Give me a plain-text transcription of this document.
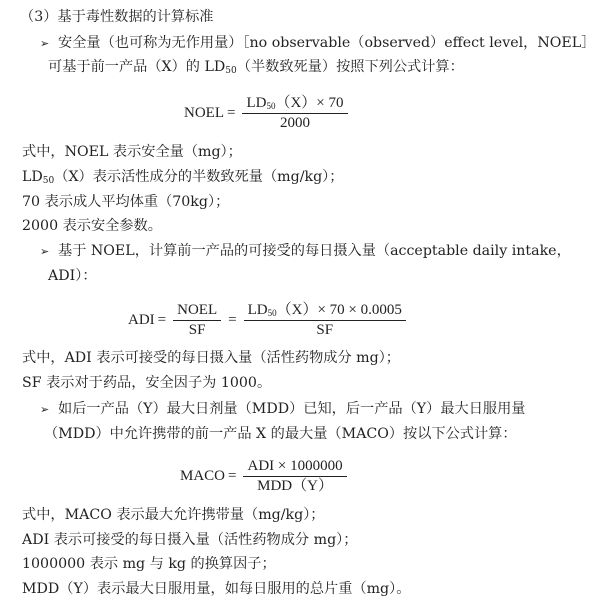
（3）基于毒性数据的计算标准
➢ 安全量（也可称为无作用量）［no observable（observed）effect level，NOEL］
可基于前一产品（X）的 $LD_{50}$（半数致死量）按照下列公式计算：
NOEL = $\frac{LD_{50}(X)\times 70}{2000}$
式中，NOEL 表示安全量（mg）；
$LD_{50}(X)$表示活性成分的半数致死量（mg/kg）；
70 表示成人平均体重（70kg）；
2000 表示安全参数。
➢ 基于 NOEL，计算前一产品的可接受的每日摄入量（acceptable daily intake，
ADI）：
ADI = $\frac{\text{NOEL}}{SF} = \frac{LD_{50}(X)\times 70 \times 0.0005}{SF}$
式中，ADI 表示可接受的每日摄入量（活性药物成分 mg）；
SF 表示对于药品，安全因子为 1000。
➢ 如后一产品（Y）最大日剂量（MDD）已知，后一产品（Y）最大日服用量
（MDD）中允许携带的前一产品 X 的最大量（MACO）按以下公式计算：
MACO = $\frac{\text{ADI × 1000000}}{\text{MDD（Y）}}$
式中，MACO 表示最大允许携带量（mg/kg）；
ADI 表示可接受的每日摄入量（活性药物成分 mg）；
1000000 表示 mg 与 kg 的换算因子；
MDD（Y）表示最大日服用量，如每日服用的总片重（mg）。
